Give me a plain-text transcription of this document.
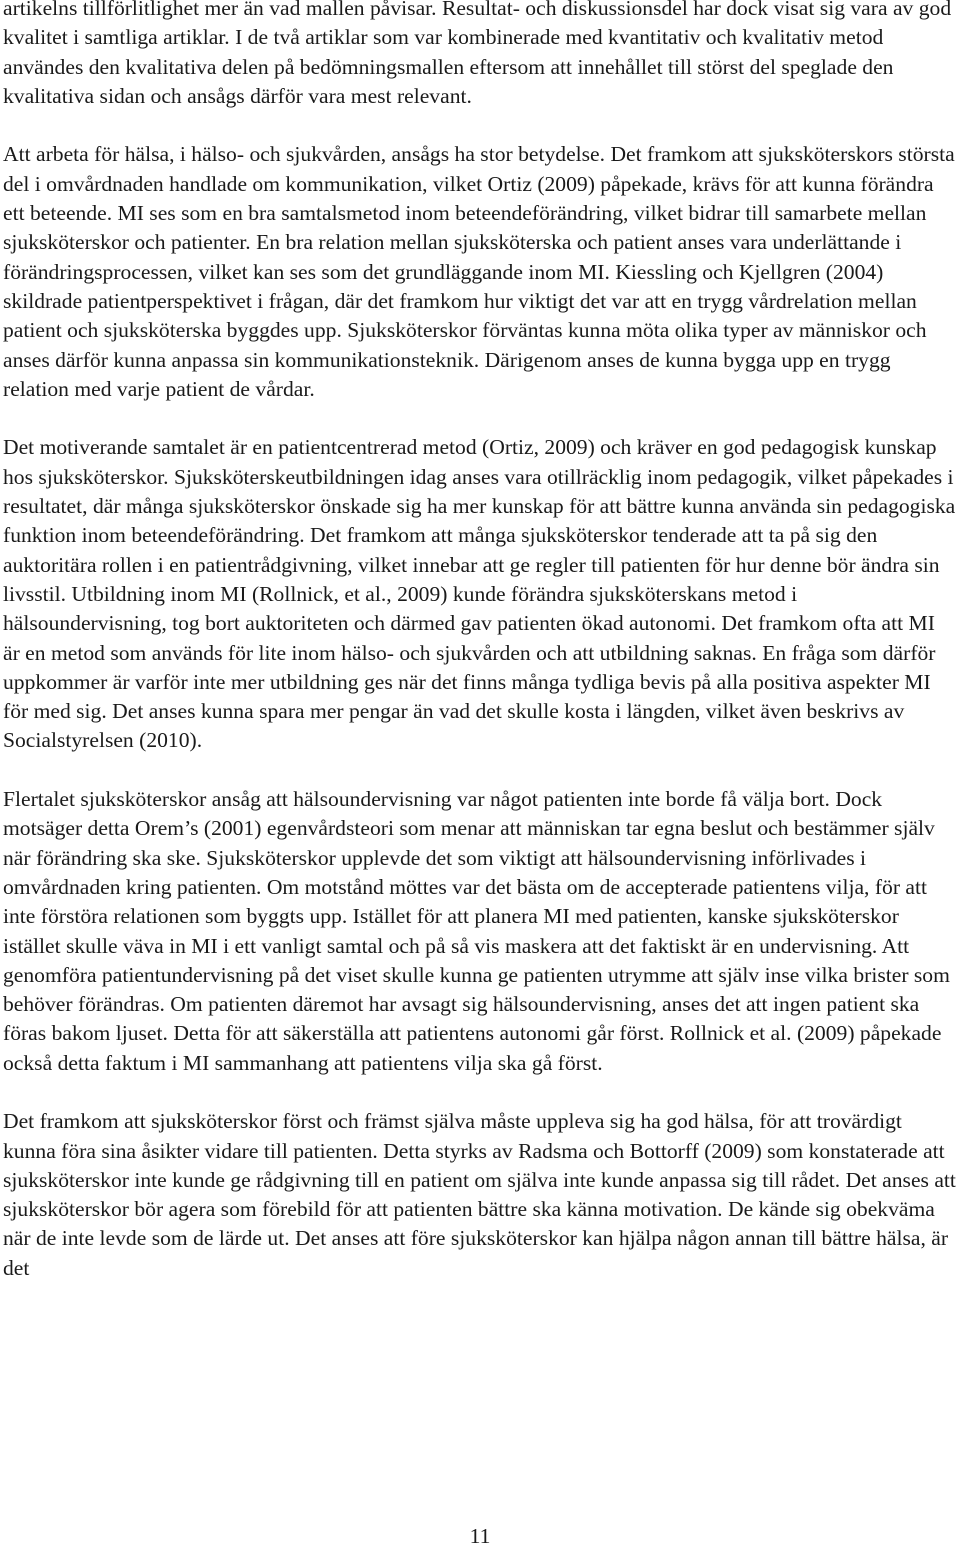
artikelns tillförlitlighet mer än vad mallen påvisar. Resultat- och diskussionsdel har dock visat sig vara av god kvalitet i samtliga artiklar. I de två artiklar som var kombinerade med kvantitativ och kvalitativ metod användes den kvalitativa delen på bedömningsmallen eftersom att innehållet till störst del speglade den kvalitativa sidan och ansågs därför vara mest relevant.

Att arbeta för hälsa, i hälso- och sjukvården, ansågs ha stor betydelse. Det framkom att sjuksköterskors största del i omvårdnaden handlade om kommunikation, vilket Ortiz (2009) påpekade, krävs för att kunna förändra ett beteende. MI ses som en bra samtalsmetod inom beteendeförändring, vilket bidrar till samarbete mellan sjuksköterskor och patienter. En bra relation mellan sjuksköterska och patient anses vara underlättande i förändringsprocessen, vilket kan ses som det grundläggande inom MI. Kiessling och Kjellgren (2004) skildrade patientperspektivet i frågan, där det framkom hur viktigt det var att en trygg vårdrelation mellan patient och sjuksköterska byggdes upp. Sjuksköterskor förväntas kunna möta olika typer av människor och anses därför kunna anpassa sin kommunikationsteknik. Därigenom anses de kunna bygga upp en trygg relation med varje patient de vårdar.

Det motiverande samtalet är en patientcentrerad metod (Ortiz, 2009) och kräver en god pedagogisk kunskap hos sjuksköterskor. Sjuksköterskeutbildningen idag anses vara otillräcklig inom pedagogik, vilket påpekades i resultatet, där många sjuksköterskor önskade sig ha mer kunskap för att bättre kunna använda sin pedagogiska funktion inom beteendeförändring. Det framkom att många sjuksköterskor tenderade att ta på sig den auktoritära rollen i en patientrådgivning, vilket innebar att ge regler till patienten för hur denne bör ändra sin livsstil. Utbildning inom MI (Rollnick, et al., 2009) kunde förändra sjuksköterskans metod i hälsoundervisning, tog bort auktoriteten och därmed gav patienten ökad autonomi. Det framkom ofta att MI är en metod som används för lite inom hälso- och sjukvården och att utbildning saknas. En fråga som därför uppkommer är varför inte mer utbildning ges när det finns många tydliga bevis på alla positiva aspekter MI för med sig. Det anses kunna spara mer pengar än vad det skulle kosta i längden, vilket även beskrivs av Socialstyrelsen (2010).

Flertalet sjuksköterskor ansåg att hälsoundervisning var något patienten inte borde få välja bort. Dock motsäger detta Orem’s (2001) egenvårdsteori som menar att människan tar egna beslut och bestämmer själv när förändring ska ske. Sjuksköterskor upplevde det som viktigt att hälsoundervisning införlivades i omvårdnaden kring patienten. Om motstånd möttes var det bästa om de accepterade patientens vilja, för att inte förstöra relationen som byggts upp. Istället för att planera MI med patienten, kanske sjuksköterskor istället skulle väva in MI i ett vanligt samtal och på så vis maskera att det faktiskt är en undervisning. Att genomföra patientundervisning på det viset skulle kunna ge patienten utrymme att själv inse vilka brister som behöver förändras. Om patienten däremot har avsagt sig hälsoundervisning, anses det att ingen patient ska föras bakom ljuset. Detta för att säkerställa att patientens autonomi går först. Rollnick et al. (2009) påpekade också detta faktum i MI sammanhang att patientens vilja ska gå först.

Det framkom att sjuksköterskor först och främst själva måste uppleva sig ha god hälsa, för att trovärdigt kunna föra sina åsikter vidare till patienten. Detta styrks av Radsma och Bottorff (2009) som konstaterade att sjuksköterskor inte kunde ge rådgivning till en patient om själva inte kunde anpassa sig till rådet. Det anses att sjuksköterskor bör agera som förebild för att patienten bättre ska känna motivation. De kände sig obekväma när de inte levde som de lärde ut. Det anses att före sjuksköterskor kan hjälpa någon annan till bättre hälsa, är det

11
